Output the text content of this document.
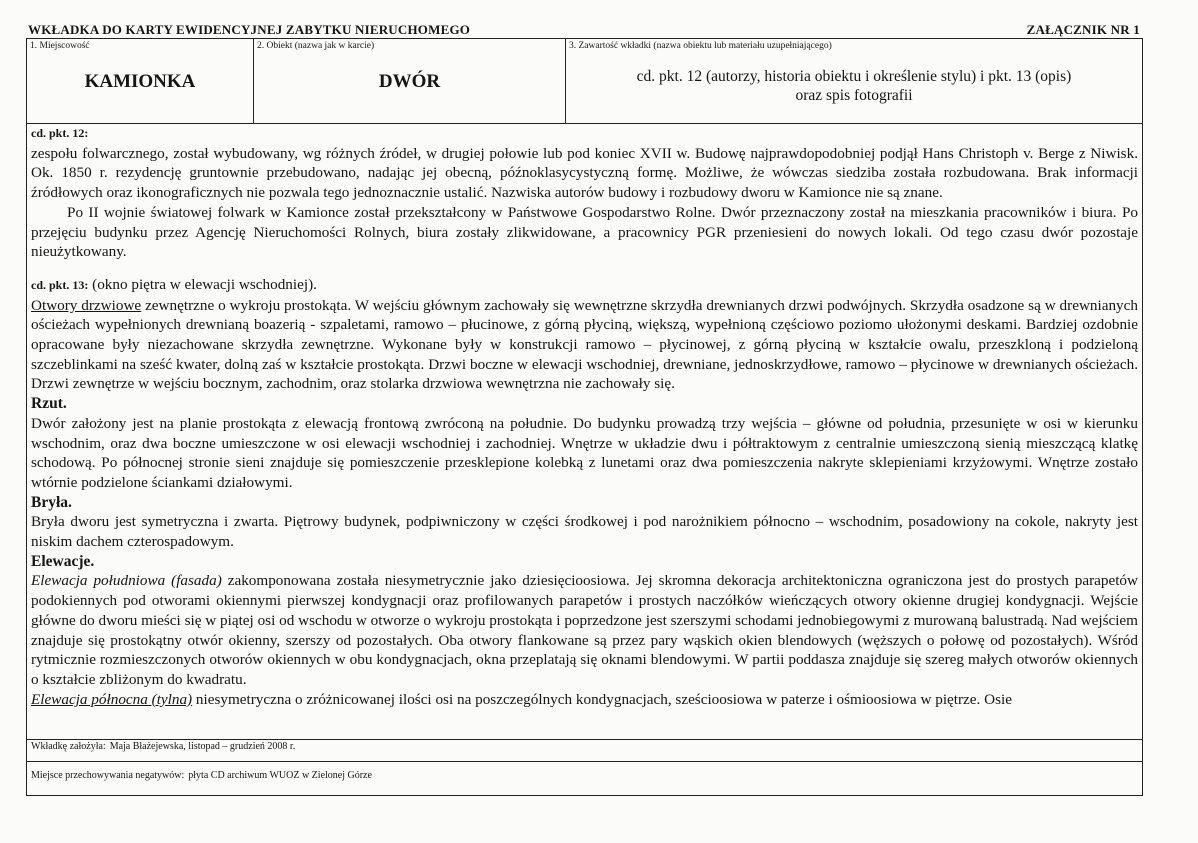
WKŁADKA DO KARTY EWIDENCYJNEJ ZABYTKU NIERUCHOMEGO	ZAŁĄCZNIK NR 1
1. Miejscowość
KAMIONKA
2. Obiekt (nazwa jak w karcie)
DWÓR
3. Zawartość wkładki (nazwa obiektu lub materiału uzupełniającego)
cd. pkt. 12 (autorzy, historia obiektu i określenie stylu) i pkt. 13 (opis)
oraz spis fotografii
cd. pkt. 12:

zespołu folwarcznego, został wybudowany, wg różnych źródeł, w drugiej połowie lub pod koniec XVII w. Budowę najprawdopodobniej podjął Hans Christoph v. Berge z Niwisk. Ok. 1850 r. rezydencję gruntownie przebudowano, nadając jej obecną, późnoklasycystyczną formę. Możliwe, że wówczas siedziba została rozbudowana. Brak informacji źródłowych oraz ikonograficznych nie pozwala tego jednoznacznie ustalić. Nazwiska autorów budowy i rozbudowy dworu w Kamionce nie są znane.

Po II wojnie światowej folwark w Kamionce został przekształcony w Państwowe Gospodarstwo Rolne. Dwór przeznaczony został na mieszkania pracowników i biura. Po przejęciu budynku przez Agencję Nieruchomości Rolnych, biura zostały zlikwidowane, a pracownicy PGR przeniesieni do nowych lokali. Od tego czasu dwór pozostaje nieużytkowany.

cd. pkt. 13: (okno piętra w elewacji wschodniej).

Otwory drzwiowe zewnętrzne o wykroju prostokąta. W wejściu głównym zachowały się wewnętrzne skrzydła drewnianych drzwi podwójnych. Skrzydła osadzone są w drewnianych ościeżach wypełnionych drewnianą boazerią - szpaletami, ramowo – płucinowe, z górną płyciną, większą, wypełnioną częściowo poziomo ułożonymi deskami. Bardziej ozdobnie opracowane były niezachowane skrzydła zewnętrzne. Wykonane były w konstrukcji ramowo – płycinowej, z górną płyciną w kształcie owalu, przeszkloną i podzieloną szczeblinkami na sześć kwater, dolną zaś w kształcie prostokąta. Drzwi boczne w elewacji wschodniej, drewniane, jednoskrzydłowe, ramowo – płycinowe w drewnianych ościeżach. Drzwi zewnętrze w wejściu bocznym, zachodnim, oraz stolarka drzwiowa wewnętrzna nie zachowały się.

Rzut.

Dwór założony jest na planie prostokąta z elewacją frontową zwróconą na południe. Do budynku prowadzą trzy wejścia – główne od południa, przesunięte w osi w kierunku wschodnim, oraz dwa boczne umieszczone w osi elewacji wschodniej i zachodniej. Wnętrze w układzie dwu i półtraktowym z centralnie umieszczoną sienią mieszczącą klatkę schodową. Po północnej stronie sieni znajduje się pomieszczenie przesklepione kolebką z lunetami oraz dwa pomieszczenia nakryte sklepieniami krzyżowymi. Wnętrze zostało wtórnie podzielone ściankami działowymi.

Bryła.

Bryła dworu jest symetryczna i zwarta. Piętrowy budynek, podpiwniczony w części środkowej i pod narożnikiem północno – wschodnim, posadowiony na cokole, nakryty jest niskim dachem czterospadowym.

Elewacje.

Elewacja południowa (fasada) zakomponowana została niesymetrycznie jako dziesięcioosiowa. Jej skromna dekoracja architektoniczna ograniczona jest do prostych parapetów podokiennych pod otworami okiennymi pierwszej kondygnacji oraz profilowanych parapetów i prostych naczółków wieńczących otwory okienne drugiej kondygnacji. Wejście główne do dworu mieści się w piątej osi od wschodu w otworze o wykroju prostokąta i poprzedzone jest szerszymi schodami jednobiegowymi z murowaną balustradą. Nad wejściem znajduje się prostokątny otwór okienny, szerszy od pozostałych. Oba otwory flankowane są przez pary wąskich okien blendowych (węższych o połowę od pozostałych). Wśród rytmicznie rozmieszczonych otworów okiennych w obu kondygnacjach, okna przeplatają się oknami blendowymi. W partii poddasza znajduje się szereg małych otworów okiennych o kształcie zbliżonym do kwadratu.

Elewacja północna (tylna) niesymetryczna o zróżnicowanej ilości osi na poszczególnych kondygnacjach, sześcioosiowa w paterze i ośmioosiowa w piętrze. Osie

Wkładkę założyła: Maja Błażejewska, listopad – grudzień 2008 r.
Miejsce przechowywania negatywów: płyta CD archiwum WUOZ w Zielonej Górze
